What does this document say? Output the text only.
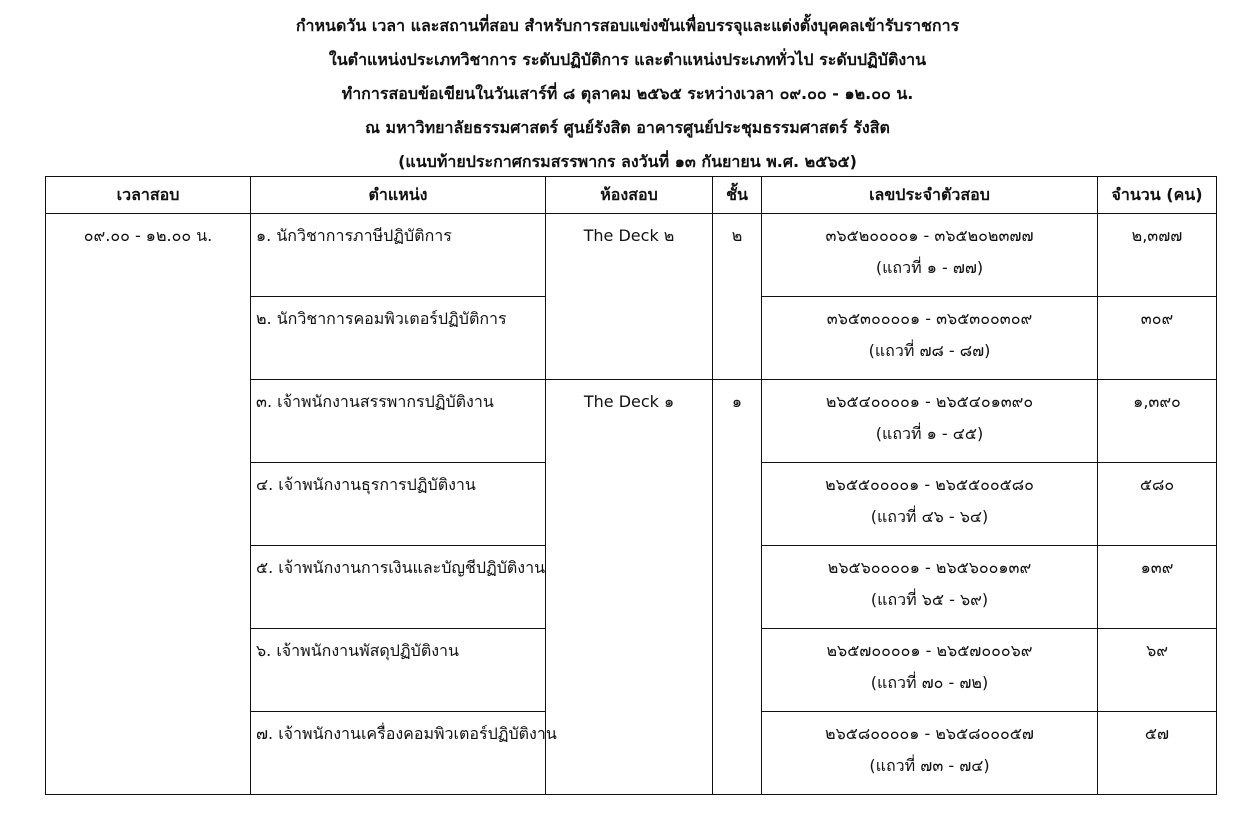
กำหนดวัน เวลา และสถานที่สอบ สำหรับการสอบแข่งขันเพื่อบรรจุและแต่งตั้งบุคคลเข้ารับราชการ
ในตำแหน่งประเภทวิชาการ ระดับปฏิบัติการ และตำแหน่งประเภททั่วไป ระดับปฏิบัติงาน
ทำการสอบข้อเขียนในวันเสาร์ที่ ๘ ตุลาคม ๒๕๖๕ ระหว่างเวลา ๐๙.๐๐ - ๑๒.๐๐ น.
ณ มหาวิทยาลัยธรรมศาสตร์ ศูนย์รังสิต อาคารศูนย์ประชุมธรรมศาสตร์ รังสิต
(แนบท้ายประกาศกรมสรรพากร ลงวันที่ ๑๓ กันยายน พ.ศ. ๒๕๖๕)
เวลาสอบ	ตำแหน่ง	ห้องสอบ	ชั้น	เลขประจำตัวสอบ	จำนวน (คน)
๐๙.๐๐ - ๑๒.๐๐ น.	๑. นักวิชาการภาษีปฏิบัติการ	The Deck ๒	๒	๓๖๕๒๐๐๐๐๑ - ๓๖๕๒๐๒๓๗๗
(แถวที่ ๑ - ๗๗)	๒,๓๗๗
	๒. นักวิชาการคอมพิวเตอร์ปฏิบัติการ			๓๖๕๓๐๐๐๐๑ - ๓๖๕๓๐๐๓๐๙
(แถวที่ ๗๘ - ๘๗)	๓๐๙
	๓. เจ้าพนักงานสรรพากรปฏิบัติงาน	The Deck ๑	๑	๒๖๕๔๐๐๐๐๑ - ๒๖๕๔๐๑๓๙๐
(แถวที่ ๑ - ๔๕)	๑,๓๙๐
	๔. เจ้าพนักงานธุรการปฏิบัติงาน			๒๖๕๕๐๐๐๐๑ - ๒๖๕๕๐๐๕๘๐
(แถวที่ ๔๖ - ๖๔)	๕๘๐
	๕. เจ้าพนักงานการเงินและบัญชีปฏิบัติงาน			๒๖๕๖๐๐๐๐๑ - ๒๖๕๖๐๐๑๓๙
(แถวที่ ๖๕ - ๖๙)	๑๓๙
	๖. เจ้าพนักงานพัสดุปฏิบัติงาน			๒๖๕๗๐๐๐๐๑ - ๒๖๕๗๐๐๐๖๙
(แถวที่ ๗๐ - ๗๒)	๖๙
	๗. เจ้าพนักงานเครื่องคอมพิวเตอร์ปฏิบัติงาน			๒๖๕๘๐๐๐๐๑ - ๒๖๕๘๐๐๐๕๗
(แถวที่ ๗๓ - ๗๔)	๕๗
